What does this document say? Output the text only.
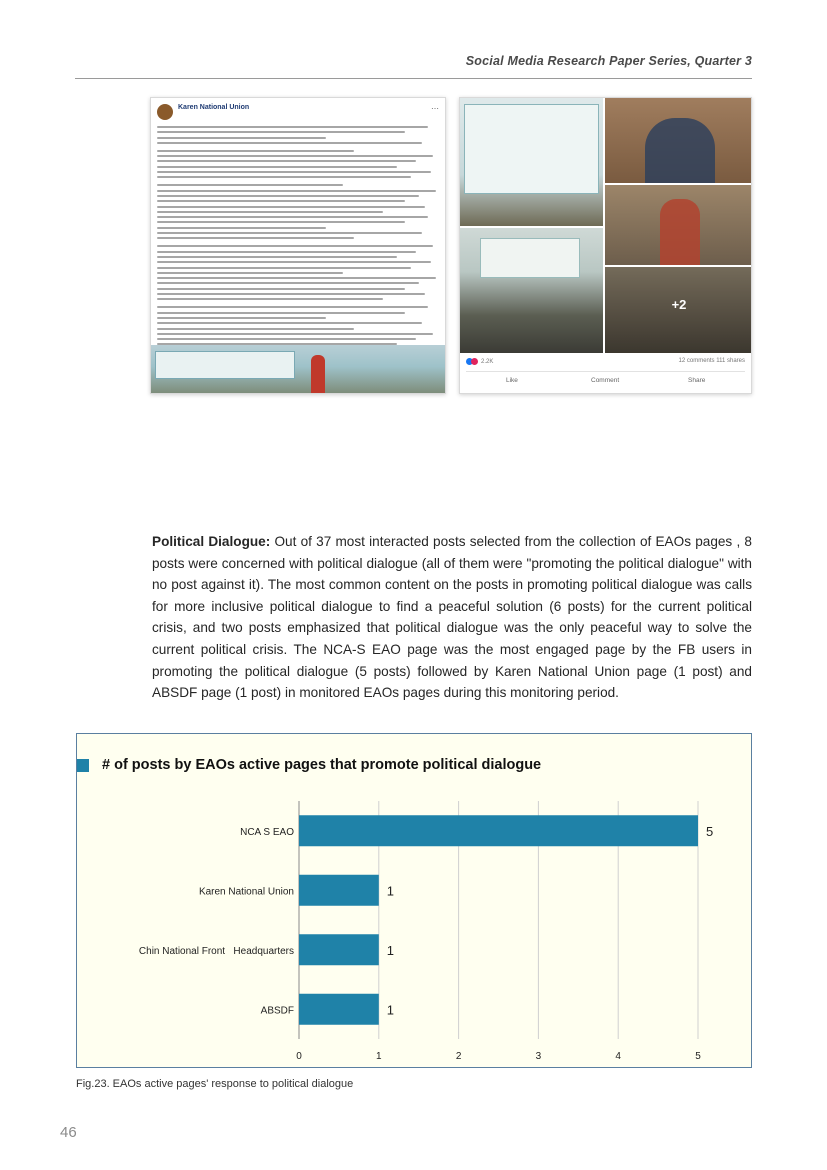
Social Media Research Paper Series, Quarter 3
Karen National Union	⋯
+2
2.2K	12 comments 111 shares
Like	Comment	Share

Political Dialogue: Out of 37 most interacted posts selected from the collection of EAOs pages , 8 posts were concerned with political dialogue (all of them were "promoting the political dialogue" with no post against it). The most common content on the posts in promoting political dialogue was calls for more inclusive political dialogue to find a peaceful solution (6 posts) for the current political crisis, and two posts emphasized that political dialogue was the only peaceful way to solve the current political crisis. The NCA-S EAO page was the most engaged page by the FB users in promoting the political dialogue (5 posts) followed by Karen National Union page (1 post) and ABSDF page (1 post) in monitored EAOs pages during this monitoring period.

# of posts by EAOs active pages that promote political dialogue
0	1	2	3	4	5
NCA S EAO	5
Karen National Union	1
Chin National Front   Headquarters	1
ABSDF	1
Fig.23. EAOs active pages' response to political dialogue
46
